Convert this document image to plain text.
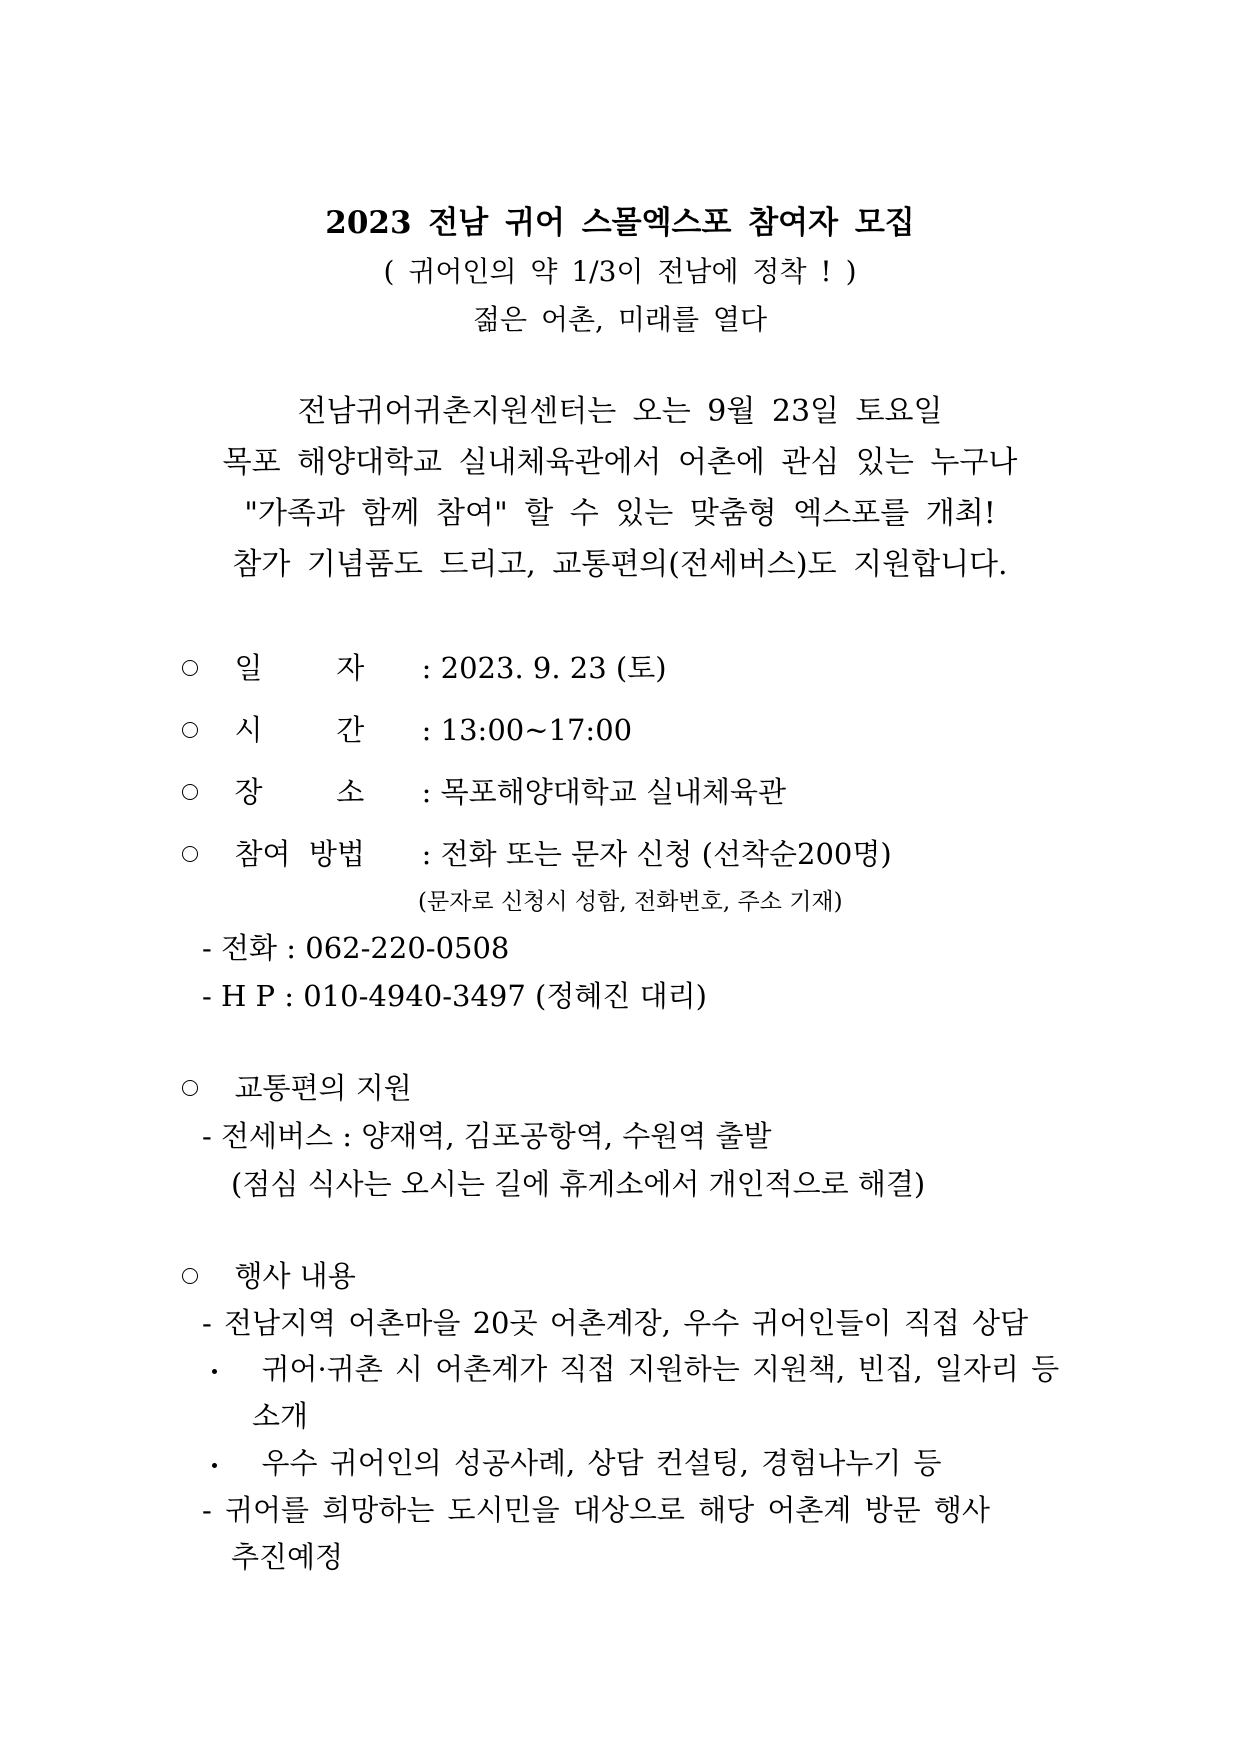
2023 전남 귀어 스몰엑스포 참여자 모집
( 귀어인의 약 1/3이 전남에 정착 ! )
젊은 어촌, 미래를 열다
전남귀어귀촌지원센터는 오는 9월 23일 토요일
목포 해양대학교 실내체육관에서 어촌에 관심 있는 누구나
"가족과 함께 참여" 할 수 있는 맞춤형 엑스포를 개최!
참가 기념품도 드리고, 교통편의(전세버스)도 지원합니다.
일        자 : 2023. 9. 23 (토)
시        간 : 13:00~17:00
장        소 : 목포해양대학교 실내체육관
참여  방법 : 전화 또는 문자 신청 (선착순200명)
(문자로 신청시 성함, 전화번호, 주소 기재)
- 전화 : 062-220-0508
- H P : 010-4940-3497 (정혜진 대리)
교통편의 지원
- 전세버스 : 양재역, 김포공항역, 수원역 출발
(점심 식사는 오시는 길에 휴게소에서 개인적으로 해결)
행사 내용
- 전남지역 어촌마을 20곳 어촌계장, 우수 귀어인들이 직접 상담
귀어·귀촌 시 어촌계가 직접 지원하는 지원책, 빈집, 일자리 등
소개
우수 귀어인의 성공사례, 상담 컨설팅, 경험나누기 등
- 귀어를 희망하는 도시민을 대상으로 해당 어촌계 방문 행사
추진예정
